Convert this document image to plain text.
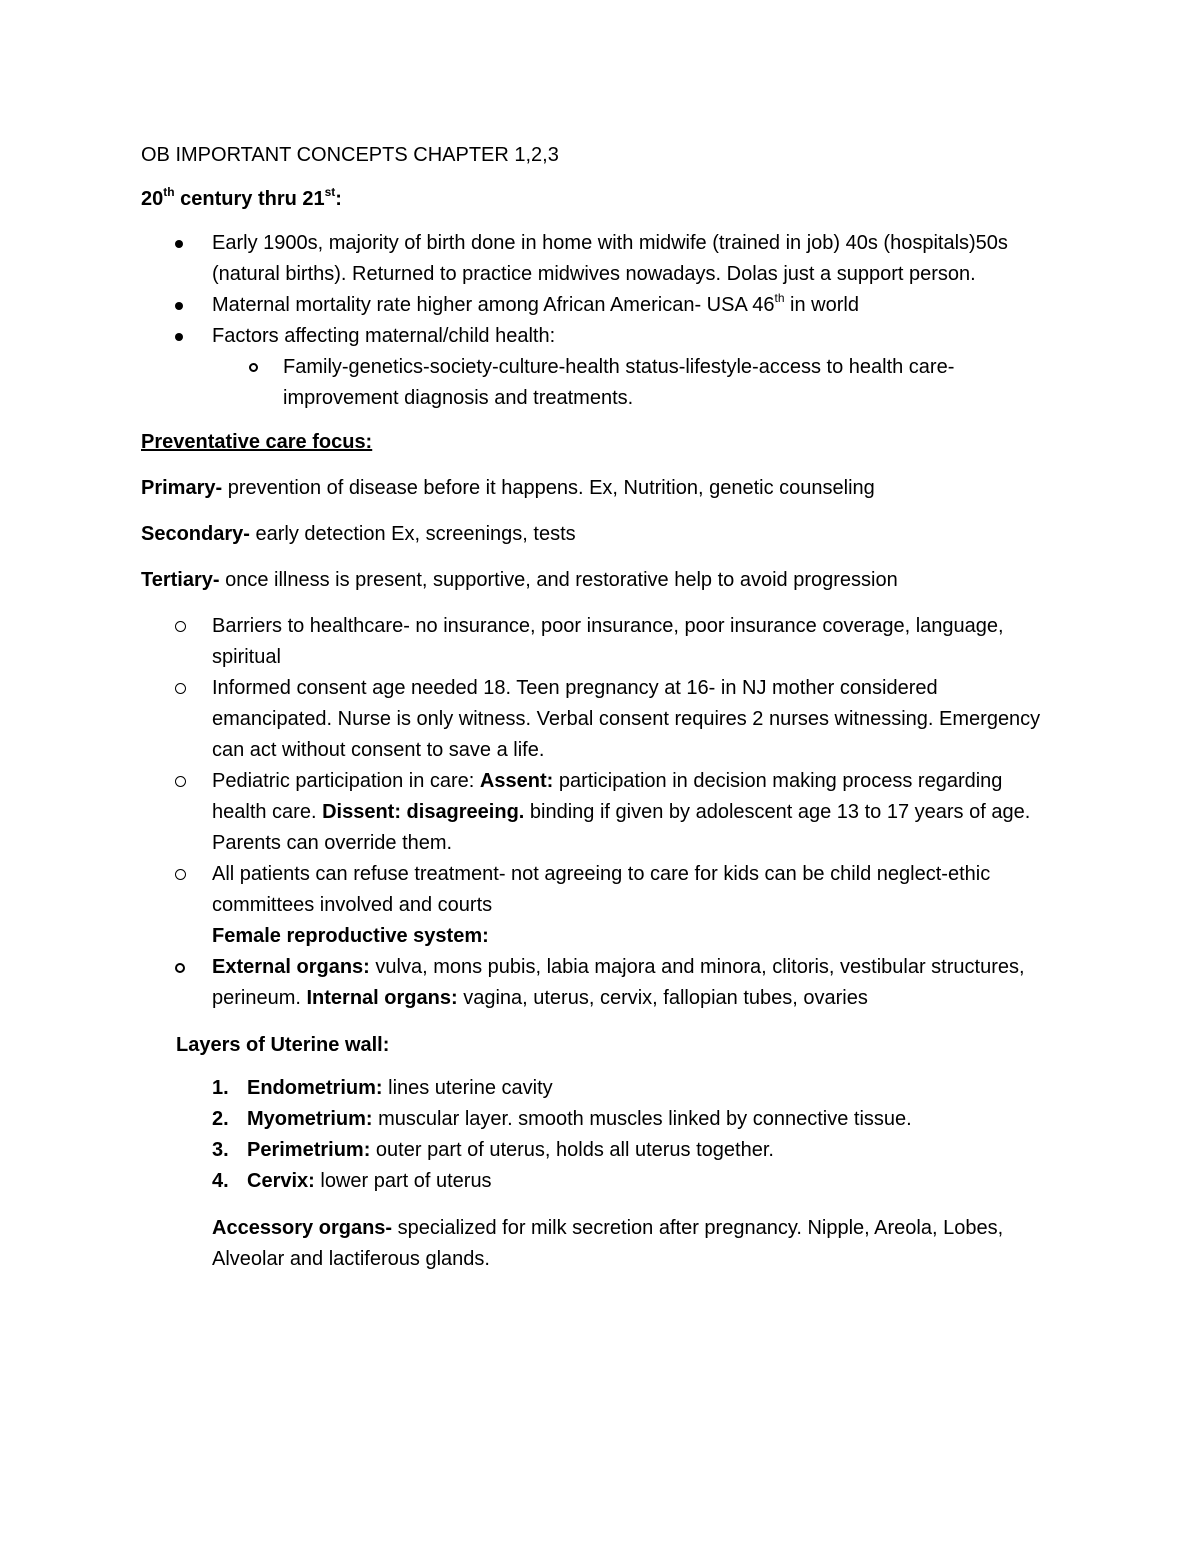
OB IMPORTANT CONCEPTS CHAPTER 1,2,3
20th century thru 21st:
Early 1900s, majority of birth done in home with midwife (trained in job) 40s (hospitals)50s (natural births). Returned to practice midwives nowadays. Dolas just a support person.
Maternal mortality rate higher among African American- USA 46th in world
Factors affecting maternal/child health:
Family-genetics-society-culture-health status-lifestyle-access to health care-improvement diagnosis and treatments.
Preventative care focus:
Primary- prevention of disease before it happens. Ex, Nutrition, genetic counseling
Secondary- early detection Ex, screenings, tests
Tertiary- once illness is present, supportive, and restorative help to avoid progression
Barriers to healthcare- no insurance, poor insurance, poor insurance coverage, language, spiritual
Informed consent age needed 18. Teen pregnancy at 16- in NJ mother considered emancipated. Nurse is only witness. Verbal consent requires 2 nurses witnessing. Emergency can act without consent to save a life.
Pediatric participation in care: Assent: participation in decision making process regarding health care. Dissent: disagreeing. binding if given by adolescent age 13 to 17 years of age. Parents can override them.
All patients can refuse treatment- not agreeing to care for kids can be child neglect-ethic committees involved and courts
Female reproductive system:
External organs: vulva, mons pubis, labia majora and minora, clitoris, vestibular structures, perineum. Internal organs: vagina, uterus, cervix, fallopian tubes, ovaries
Layers of Uterine wall:
1. Endometrium: lines uterine cavity
2. Myometrium: muscular layer. smooth muscles linked by connective tissue.
3. Perimetrium: outer part of uterus, holds all uterus together.
4. Cervix: lower part of uterus
Accessory organs- specialized for milk secretion after pregnancy. Nipple, Areola, Lobes, Alveolar and lactiferous glands.
